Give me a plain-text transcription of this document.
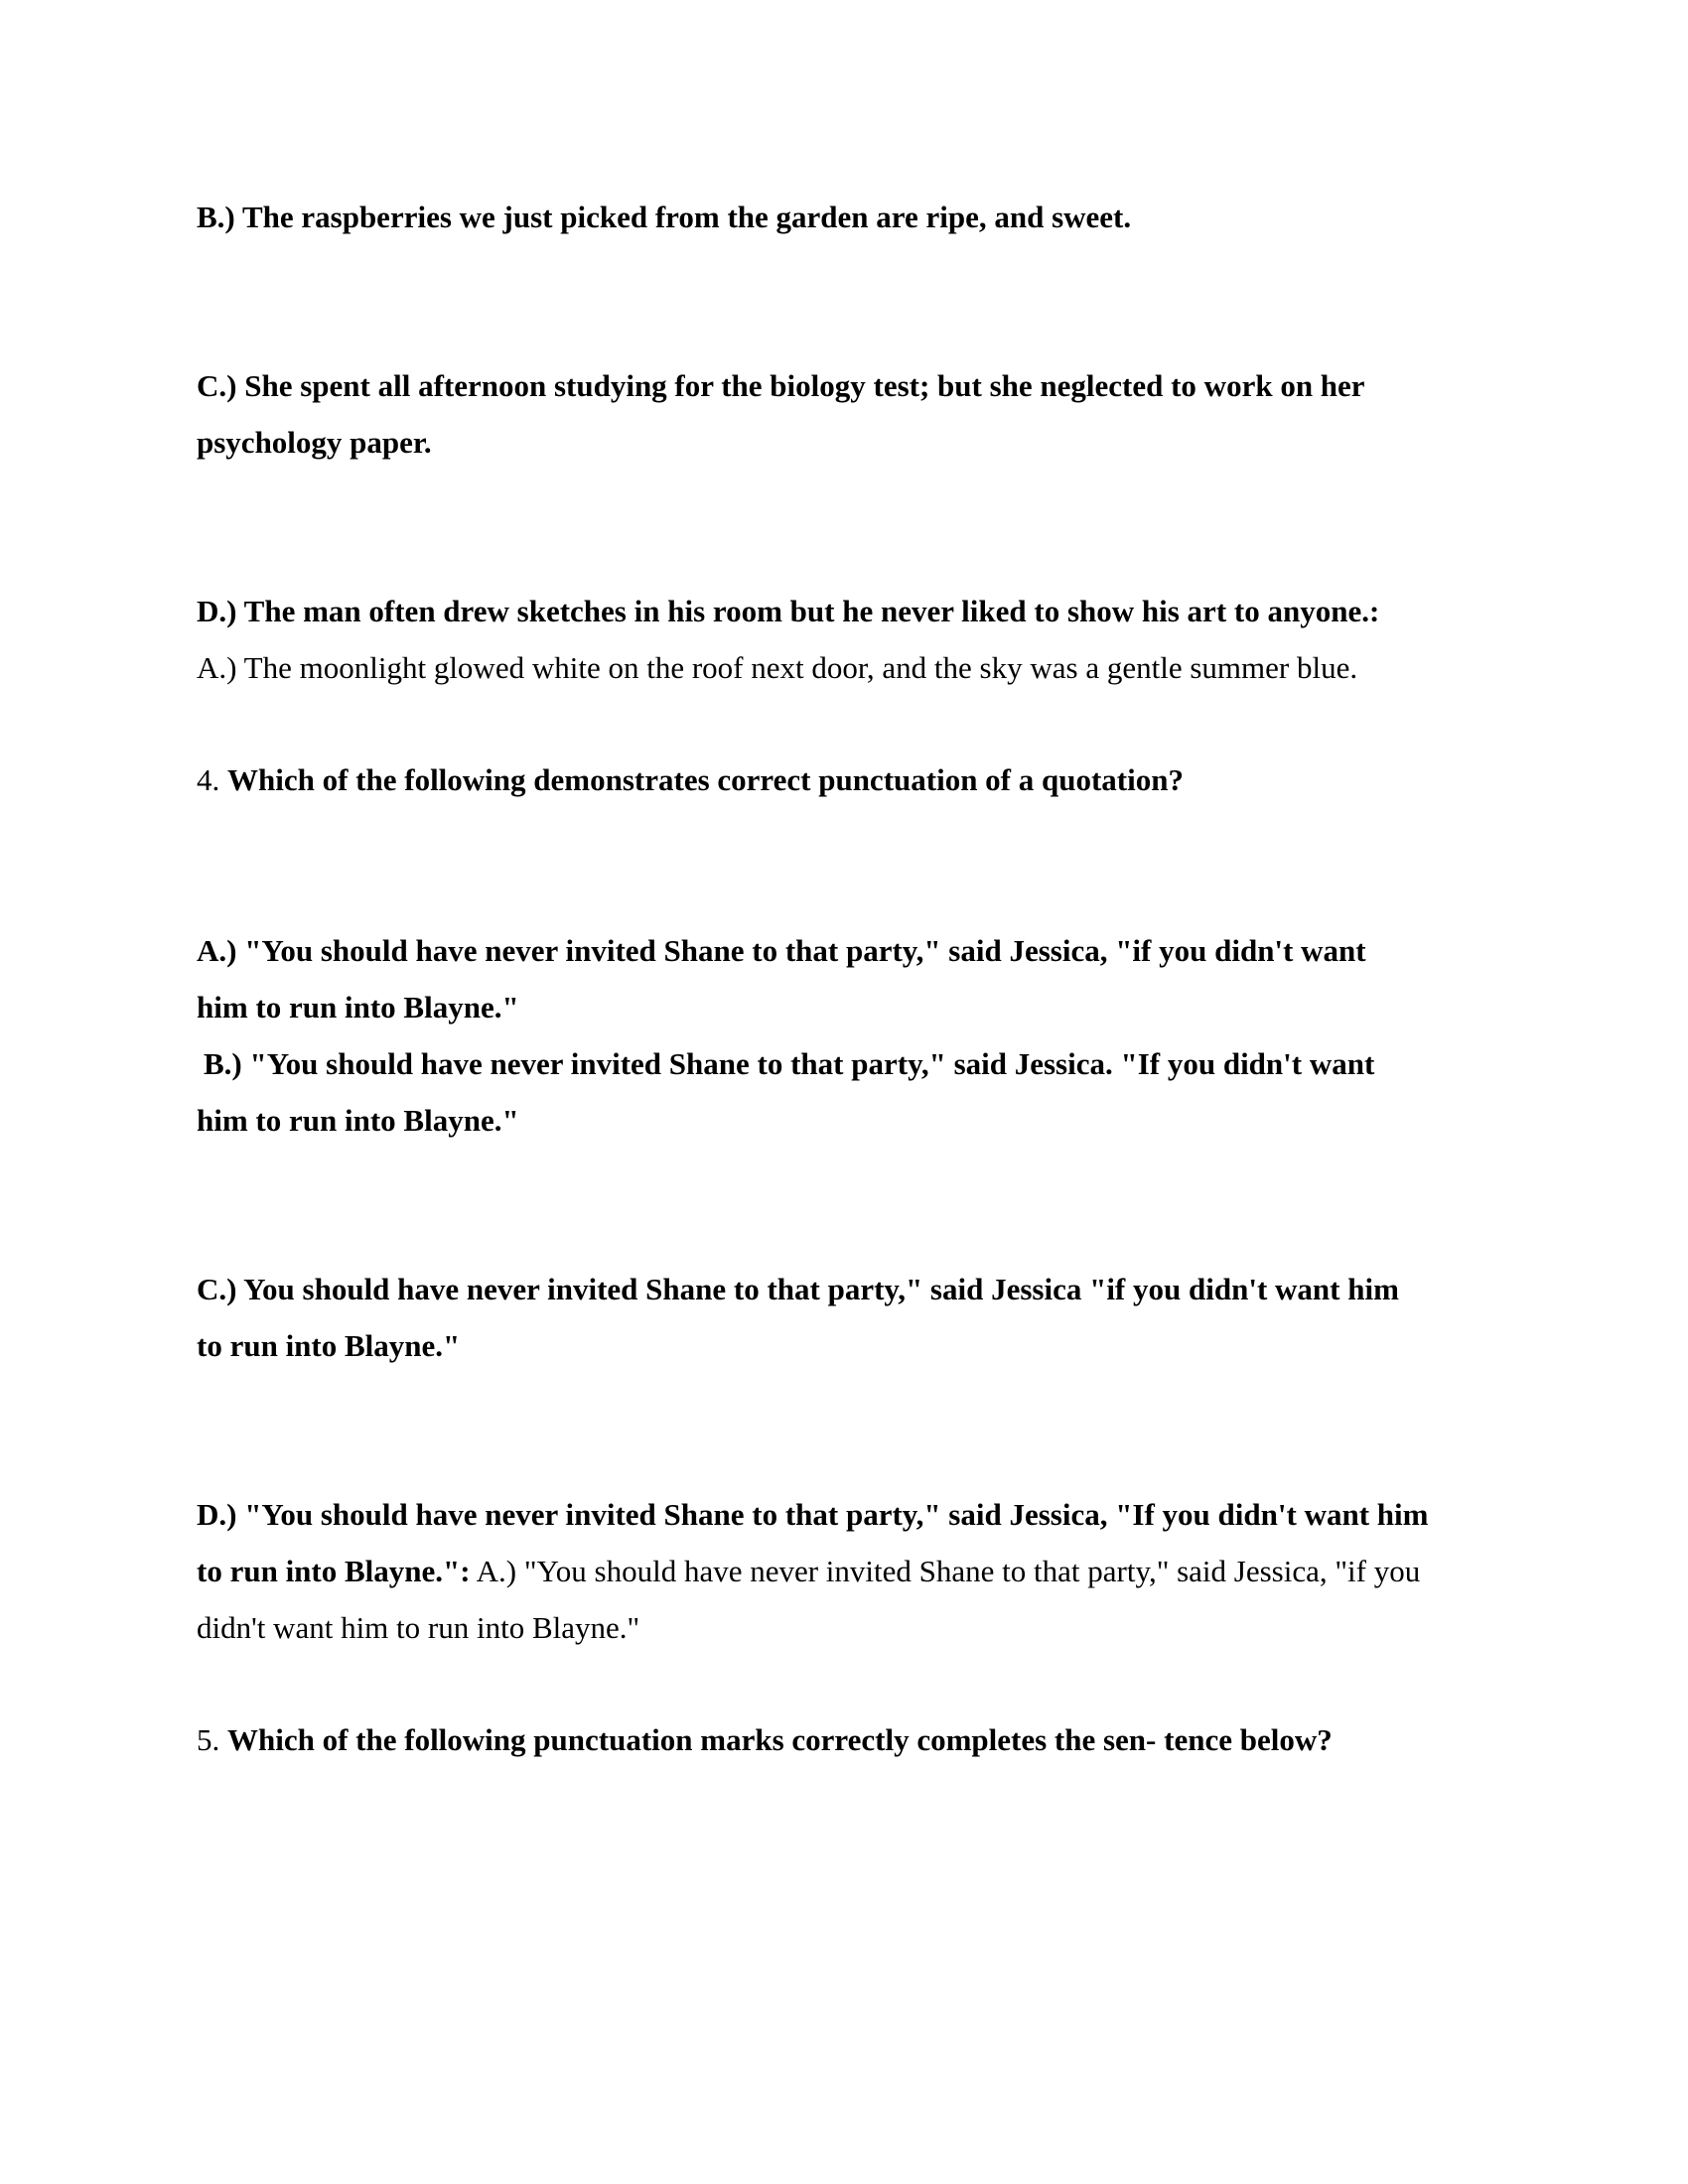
B.) The raspberries we just picked from the garden are ripe, and sweet.
C.) She spent all afternoon studying for the biology test; but she neglected to work on her
psychology paper.
D.) The man often drew sketches in his room but he never liked to show his art to anyone.:
A.) The moonlight glowed white on the roof next door, and the sky was a gentle summer blue.
4. Which of the following demonstrates correct punctuation of a quotation?
A.) "You should have never invited Shane to that party," said Jessica, "if you didn't want
him to run into Blayne."
B.) "You should have never invited Shane to that party," said Jessica. "If you didn't want
him to run into Blayne."
C.) You should have never invited Shane to that party," said Jessica "if you didn't want him
to run into Blayne."
D.) "You should have never invited Shane to that party," said Jessica, "If you didn't want him
to run into Blayne.": A.) "You should have never invited Shane to that party," said Jessica, "if you
didn't want him to run into Blayne."
5. Which of the following punctuation marks correctly completes the sen- tence below?
